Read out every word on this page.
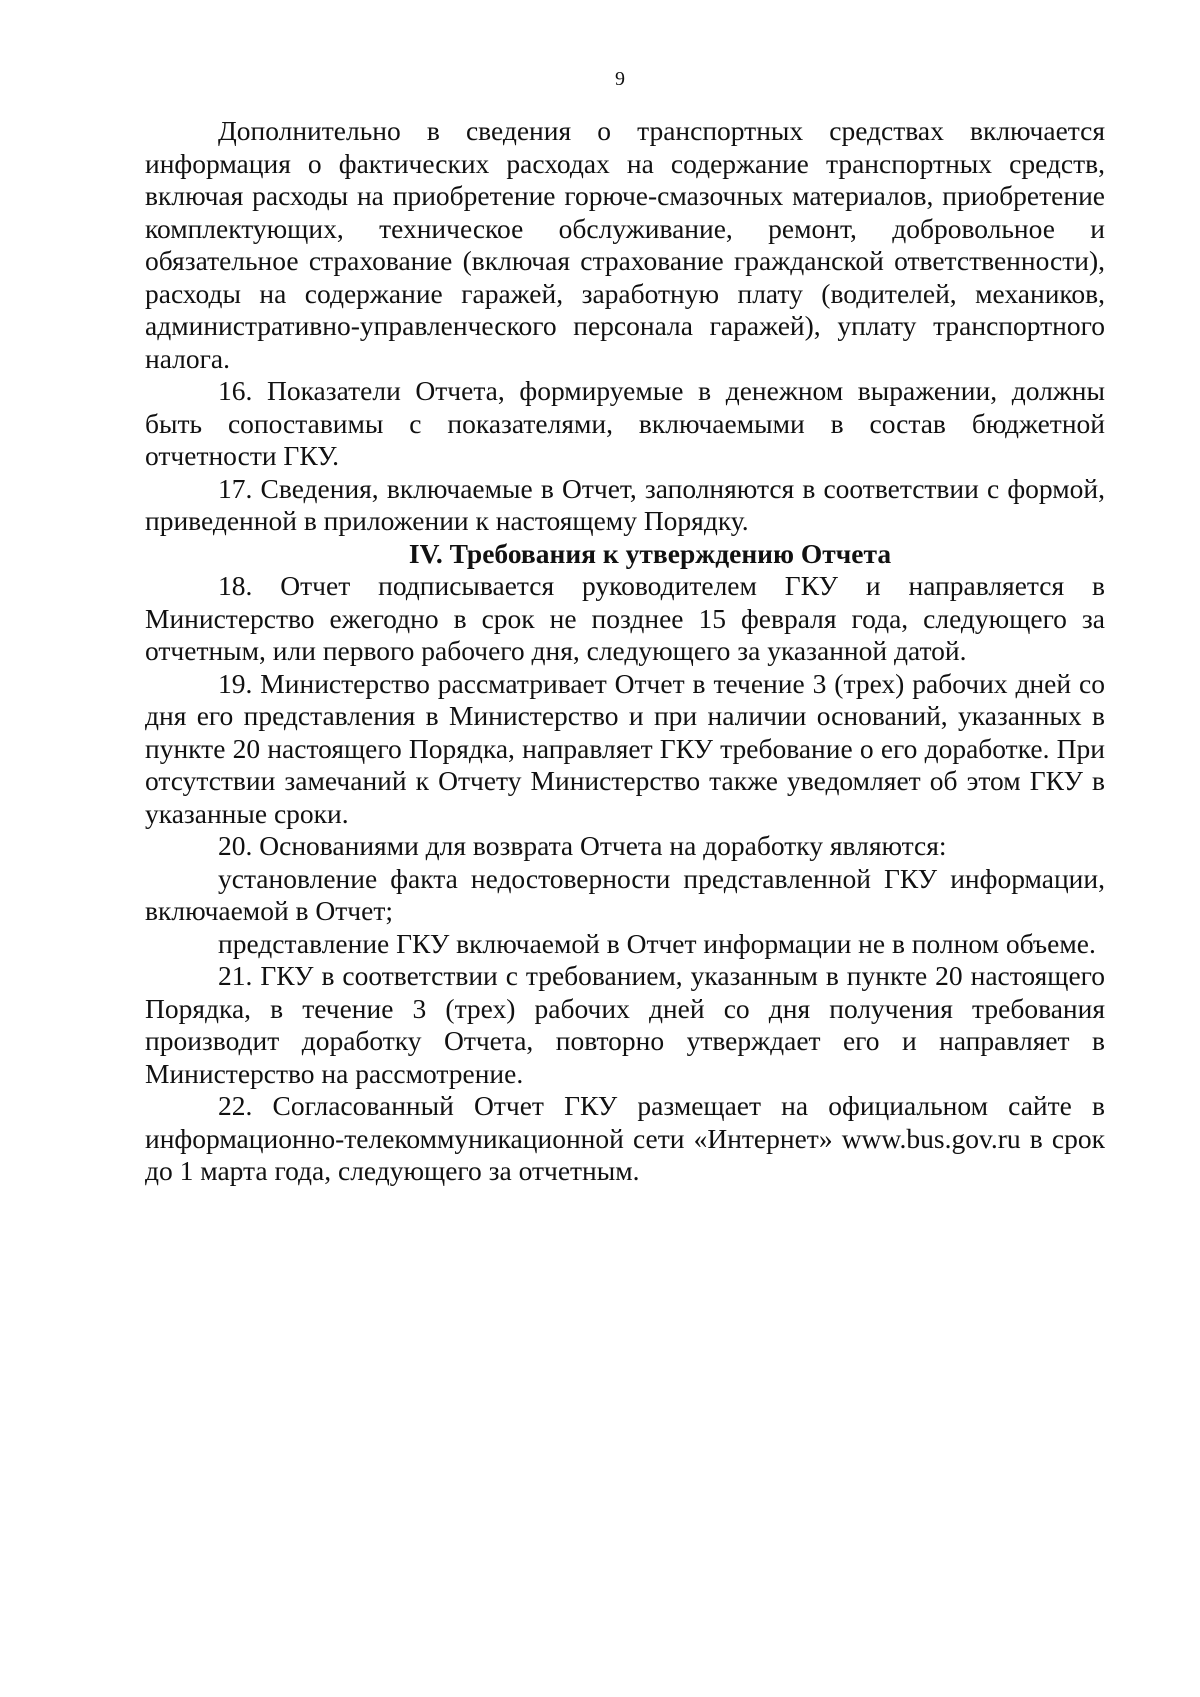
9

Дополнительно в сведения о транспортных средствах включается информация о фактических расходах на содержание транспортных средств, включая расходы на приобретение горюче-смазочных материалов, приобретение комплектующих, техническое обслуживание, ремонт, добровольное и обязательное страхование (включая страхование гражданской ответственности), расходы на содержание гаражей, заработную плату (водителей, механиков, административно-управленческого персонала гаражей), уплату транспортного налога.

16. Показатели Отчета, формируемые в денежном выражении, должны быть сопоставимы с показателями, включаемыми в состав бюджетной отчетности ГКУ.

17. Сведения, включаемые в Отчет, заполняются в соответствии с формой, приведенной в приложении к настоящему Порядку.

IV. Требования к утверждению Отчета

18. Отчет подписывается руководителем ГКУ и направляется в Министерство ежегодно в срок не позднее 15 февраля года, следующего за отчетным, или первого рабочего дня, следующего за указанной датой.

19. Министерство рассматривает Отчет в течение 3 (трех) рабочих дней со дня его представления в Министерство и при наличии оснований, указанных в пункте 20 настоящего Порядка, направляет ГКУ требование о его доработке. При отсутствии замечаний к Отчету Министерство также уведомляет об этом ГКУ в указанные сроки.

20. Основаниями для возврата Отчета на доработку являются:

установление факта недостоверности представленной ГКУ информации, включаемой в Отчет;

представление ГКУ включаемой в Отчет информации не в полном объеме.

21. ГКУ в соответствии с требованием, указанным в пункте 20 настоящего Порядка, в течение 3 (трех) рабочих дней со дня получения требования производит доработку Отчета, повторно утверждает его и направляет в Министерство на рассмотрение.

22. Согласованный Отчет ГКУ размещает на официальном сайте в информационно-телекоммуникационной сети «Интернет» www.bus.gov.ru в срок до 1 марта года, следующего за отчетным.
